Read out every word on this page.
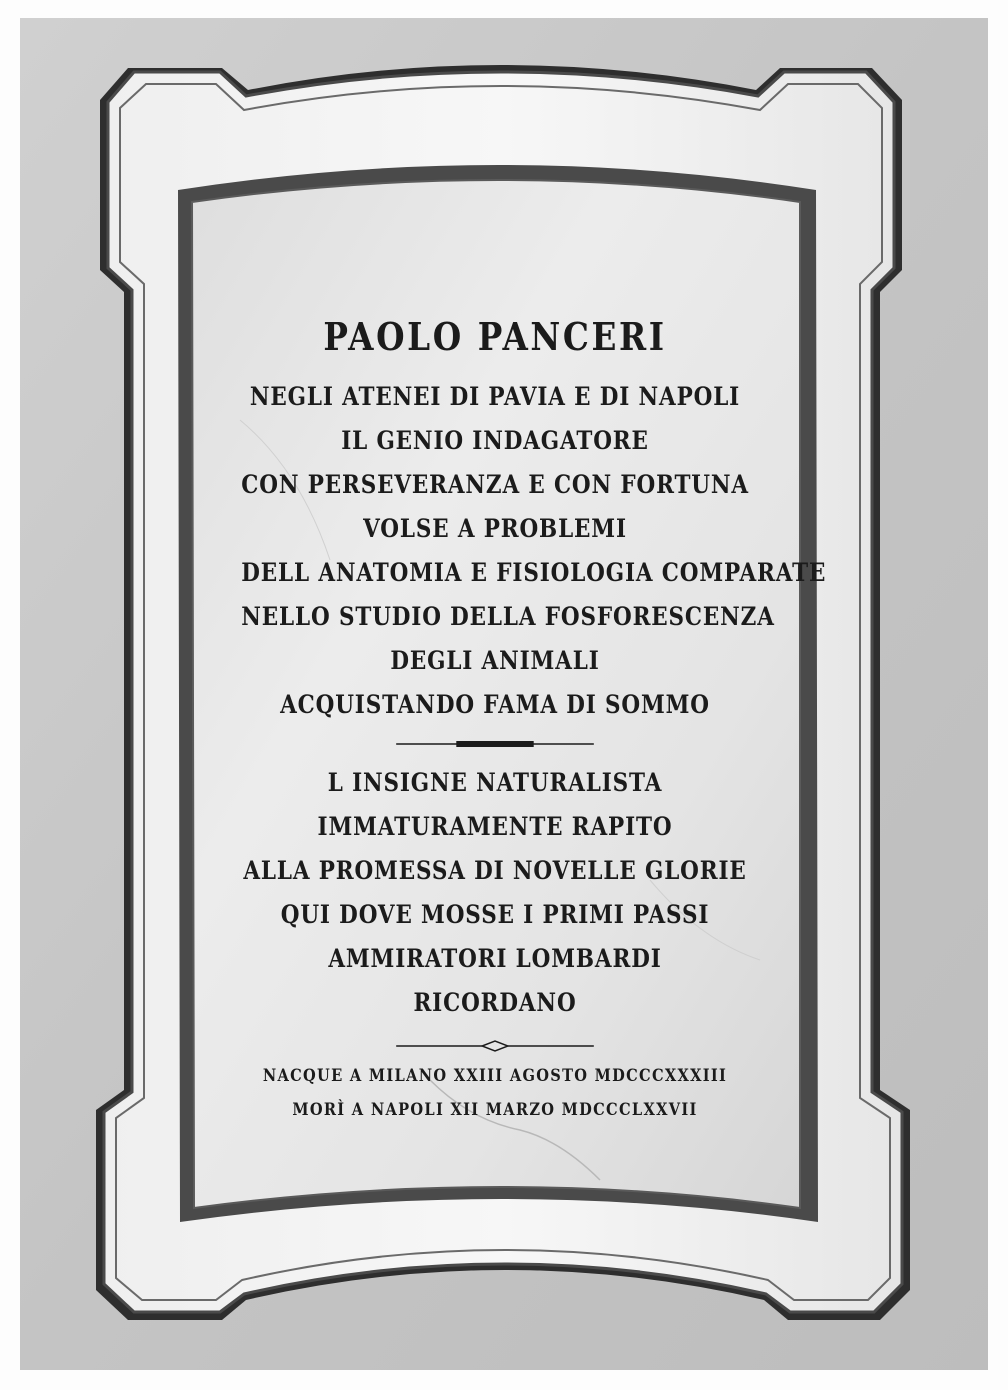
PAOLO PANCERI
NEGLI ATENEI DI PAVIA E DI NAPOLI
IL GENIO INDAGATORE
CON PERSEVERANZA E CON FORTUNA
VOLSE A PROBLEMI
DELL ANATOMIA E FISIOLOGIA COMPARATE
NELLO STUDIO DELLA FOSFORESCENZA
DEGLI ANIMALI
ACQUISTANDO FAMA DI SOMMO
L INSIGNE NATURALISTA
IMMATURAMENTE RAPITO
ALLA PROMESSA DI NOVELLE GLORIE
QUI DOVE MOSSE I PRIMI PASSI
AMMIRATORI LOMBARDI
RICORDANO
NACQUE A MILANO XXIII AGOSTO MDCCCXXXIII
MORÌ A NAPOLI XII MARZO MDCCCLXXVII
